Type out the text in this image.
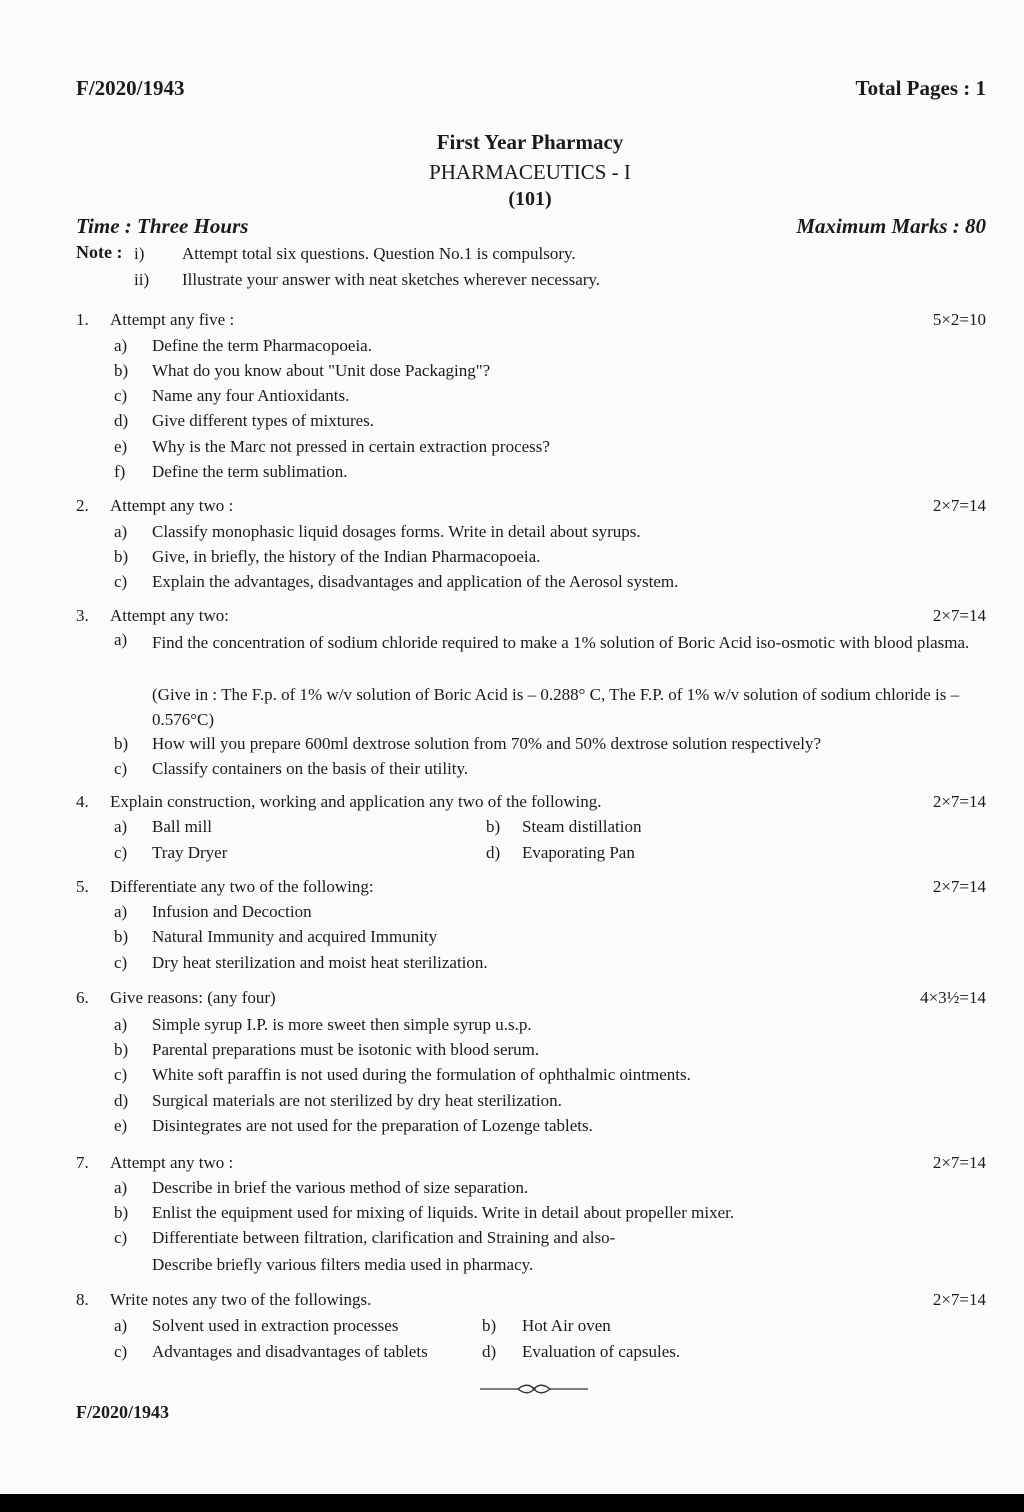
F/2020/1943	Total Pages : 1
First Year Pharmacy
PHARMACEUTICS - I
(101)
Time : Three Hours	Maximum Marks : 80
Note : i) Attempt total six questions. Question No.1 is compulsory.
ii) Illustrate your answer with neat sketches wherever necessary.
1. Attempt any five :	5×2=10
a) Define the term Pharmacopoeia.
b) What do you know about "Unit dose Packaging"?
c) Name any four Antioxidants.
d) Give different types of mixtures.
e) Why is the Marc not pressed in certain extraction process?
f) Define the term sublimation.
2. Attempt any two :	2×7=14
a) Classify monophasic liquid dosages forms. Write in detail about syrups.
b) Give, in briefly, the history of the Indian Pharmacopoeia.
c) Explain the advantages, disadvantages and application of the Aerosol system.
3. Attempt any two:	2×7=14
a) Find the concentration of sodium chloride required to make a 1% solution of Boric Acid iso-osmotic with blood plasma.
(Give in : The F.p. of 1% w/v solution of Boric Acid is – 0.288° C, The F.P. of 1% w/v solution of sodium chloride is – 0.576°C)
b) How will you prepare 600ml dextrose solution from 70% and 50% dextrose solution respectively?
c) Classify containers on the basis of their utility.
4. Explain construction, working and application any two of the following.	2×7=14
a) Ball mill	b) Steam distillation
c) Tray Dryer	d) Evaporating Pan
5. Differentiate any two of the following:	2×7=14
a) Infusion and Decoction
b) Natural Immunity and acquired Immunity
c) Dry heat sterilization and moist heat sterilization.
6. Give reasons: (any four)	4×3½=14
a) Simple syrup I.P. is more sweet then simple syrup u.s.p.
b) Parental preparations must be isotonic with blood serum.
c) White soft paraffin is not used during the formulation of ophthalmic ointments.
d) Surgical materials are not sterilized by dry heat sterilization.
e) Disintegrates are not used for the preparation of Lozenge tablets.
7. Attempt any two :	2×7=14
a) Describe in brief the various method of size separation.
b) Enlist the equipment used for mixing of liquids. Write in detail about propeller mixer.
c) Differentiate between filtration, clarification and Straining and also-
Describe briefly various filters media used in pharmacy.
8. Write notes any two of the followings.	2×7=14
a) Solvent used in extraction processes	b) Hot Air oven
c) Advantages and disadvantages of tablets	d) Evaluation of capsules.
F/2020/1943
